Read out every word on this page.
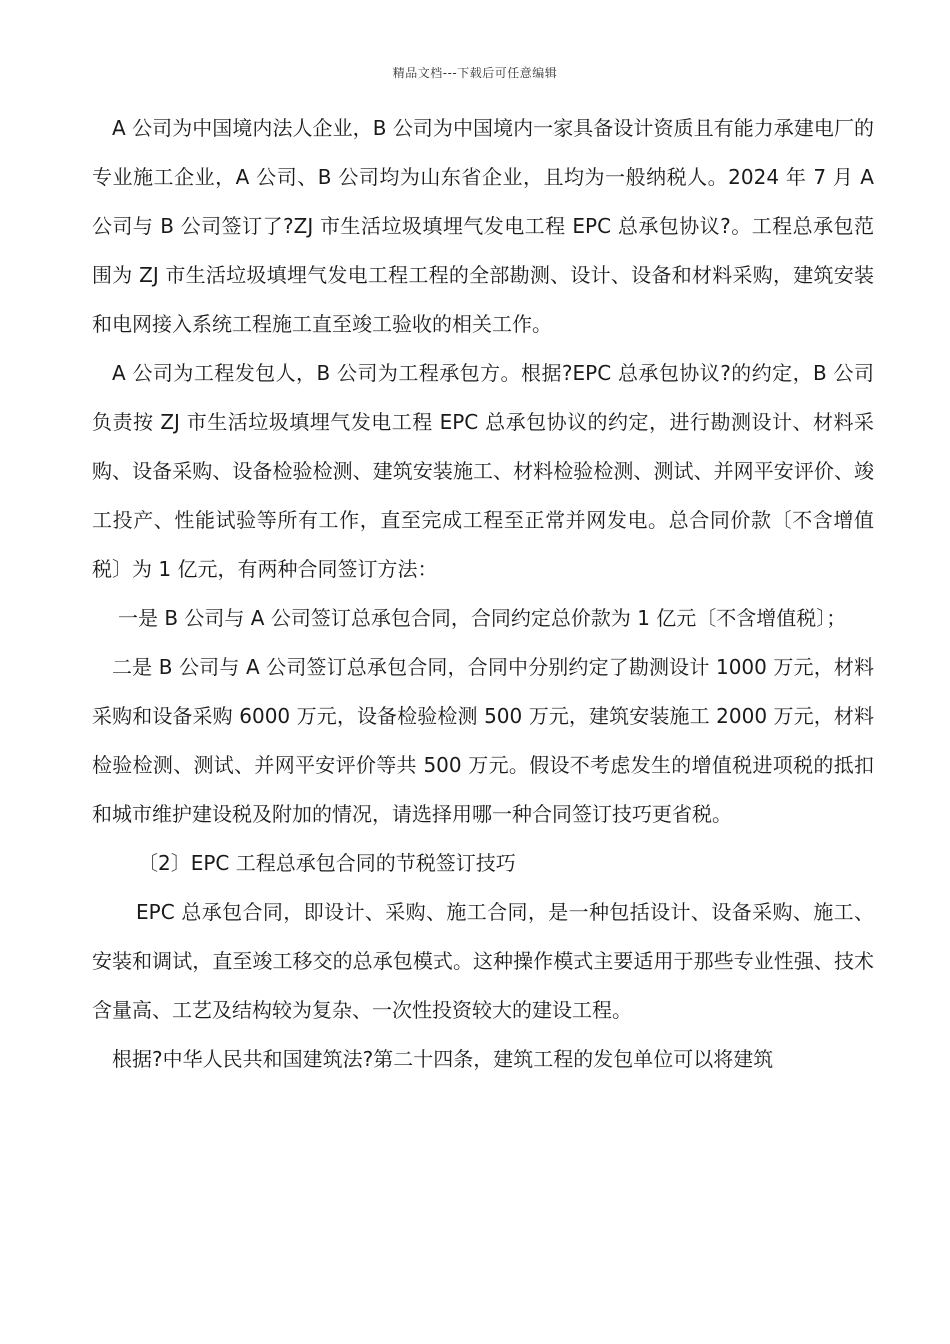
精品文档---下载后可任意编辑

A 公司为中国境内法人企业，B 公司为中国境内一家具备设计资质且有能力承建电厂的专业施工企业，A 公司、B 公司均为山东省企业，且均为一般纳税人。2024 年 7 月 A 公司与 B 公司签订了?ZJ 市生活垃圾填埋气发电工程 EPC 总承包协议?。工程总承包范围为 ZJ 市生活垃圾填埋气发电工程工程的全部勘测、设计、设备和材料采购，建筑安装和电网接入系统工程施工直至竣工验收的相关工作。

A 公司为工程发包人，B 公司为工程承包方。根据?EPC 总承包协议?的约定，B 公司负责按 ZJ 市生活垃圾填埋气发电工程 EPC 总承包协议的约定，进行勘测设计、材料采购、设备采购、设备检验检测、建筑安装施工、材料检验检测、测试、并网平安评价、竣工投产、性能试验等所有工作，直至完成工程至正常并网发电。总合同价款〔不含增值税〕为 1 亿元，有两种合同签订方法：

一是 B 公司与 A 公司签订总承包合同，合同约定总价款为 1 亿元〔不含增值税〕；

二是 B 公司与 A 公司签订总承包合同，合同中分别约定了勘测设计 1000 万元，材料采购和设备采购 6000 万元，设备检验检测 500 万元，建筑安装施工 2000 万元，材料检验检测、测试、并网平安评价等共 500 万元。假设不考虑发生的增值税进项税的抵扣和城市维护建设税及附加的情况，请选择用哪一种合同签订技巧更省税。

〔2〕EPC 工程总承包合同的节税签订技巧

EPC 总承包合同，即设计、采购、施工合同，是一种包括设计、设备采购、施工、安装和调试，直至竣工移交的总承包模式。这种操作模式主要适用于那些专业性强、技术含量高、工艺及结构较为复杂、一次性投资较大的建设工程。

根据?中华人民共和国建筑法?第二十四条，建筑工程的发包单位可以将建筑
